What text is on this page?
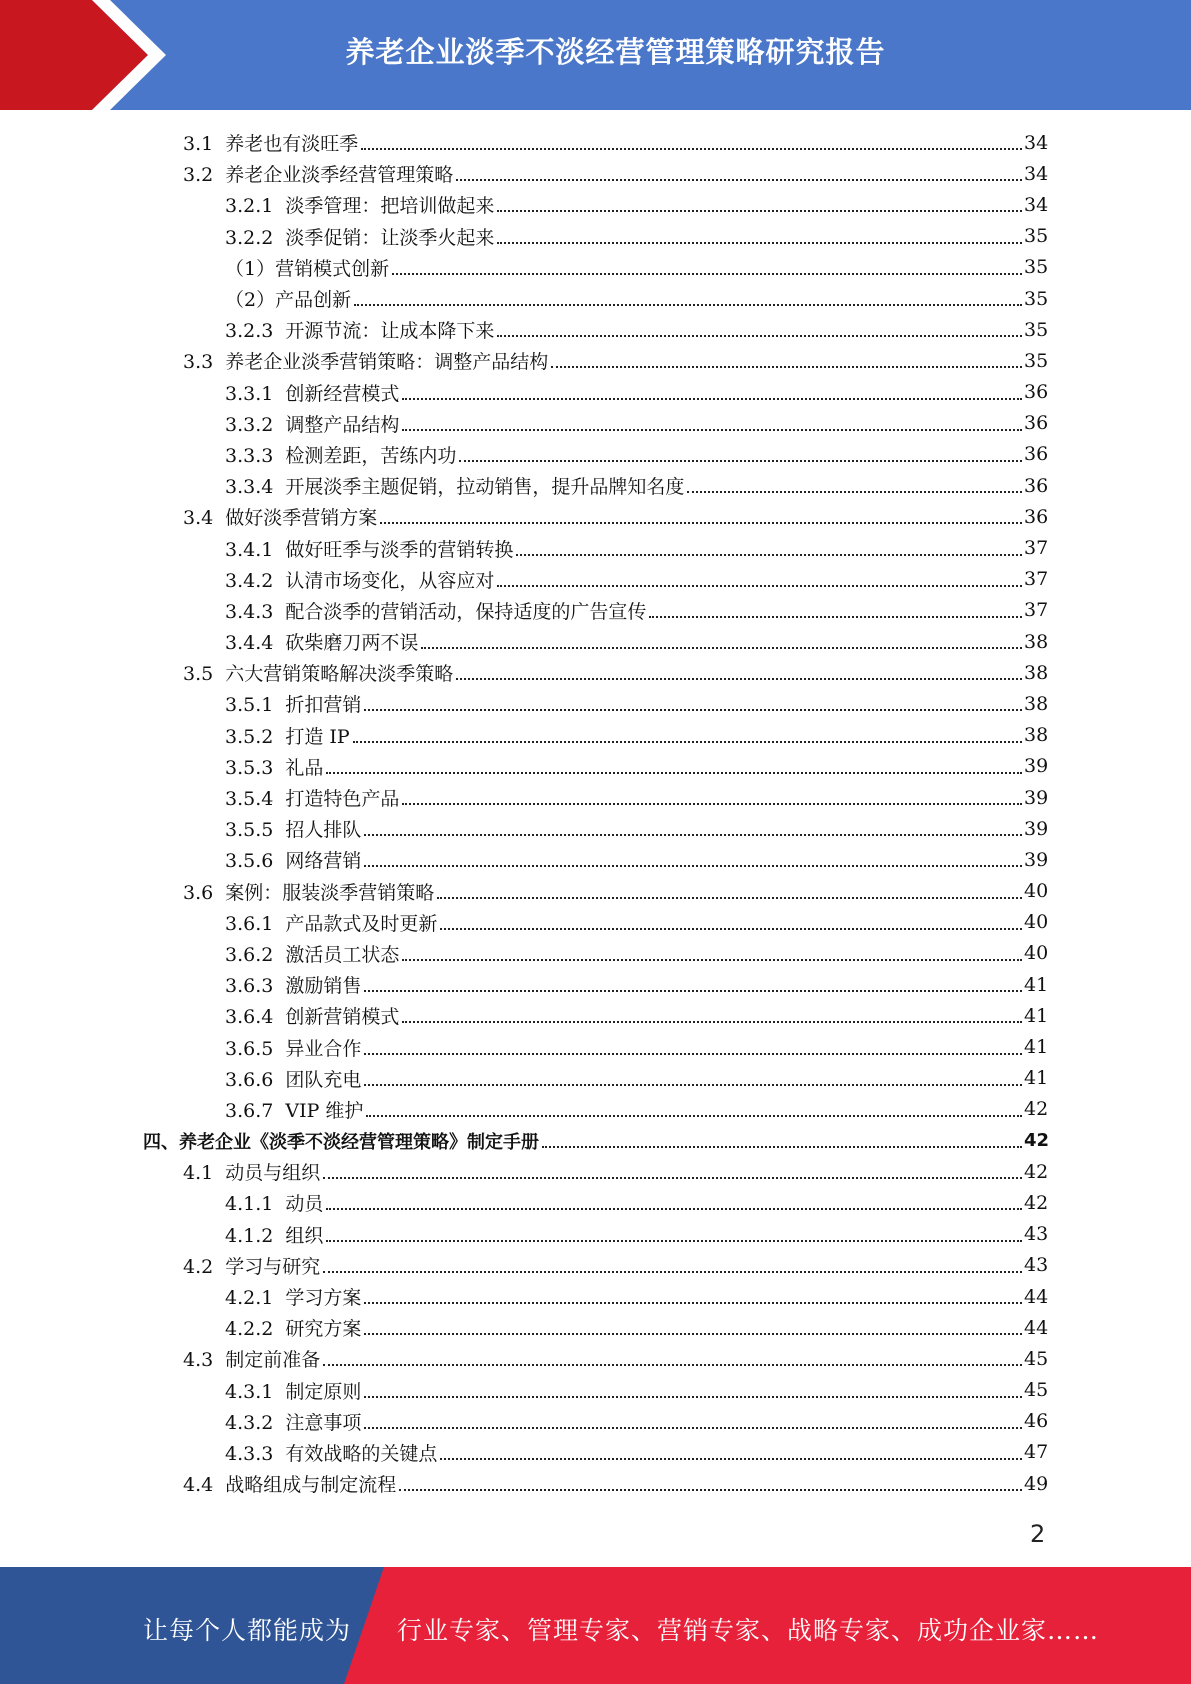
养老企业淡季不淡经营管理策略研究报告
3.1 养老也有淡旺季	34
3.2 养老企业淡季经营管理策略	34
3.2.1 淡季管理：把培训做起来	34
3.2.2 淡季促销：让淡季火起来	35
（1）营销模式创新	35
（2）产品创新	35
3.2.3 开源节流：让成本降下来	35
3.3 养老企业淡季营销策略：调整产品结构	35
3.3.1 创新经营模式	36
3.3.2 调整产品结构	36
3.3.3 检测差距，苦练内功	36
3.3.4 开展淡季主题促销，拉动销售，提升品牌知名度	36
3.4 做好淡季营销方案	36
3.4.1 做好旺季与淡季的营销转换	37
3.4.2 认清市场变化，从容应对	37
3.4.3 配合淡季的营销活动，保持适度的广告宣传	37
3.4.4 砍柴磨刀两不误	38
3.5 六大营销策略解决淡季策略	38
3.5.1 折扣营销	38
3.5.2 打造 IP	38
3.5.3 礼品	39
3.5.4 打造特色产品	39
3.5.5 招人排队	39
3.5.6 网络营销	39
3.6 案例：服装淡季营销策略	40
3.6.1 产品款式及时更新	40
3.6.2 激活员工状态	40
3.6.3 激励销售	41
3.6.4 创新营销模式	41
3.6.5 异业合作	41
3.6.6 团队充电	41
3.6.7 VIP 维护	42
四、养老企业《淡季不淡经营管理策略》制定手册	42
4.1 动员与组织	42
4.1.1 动员	42
4.1.2 组织	43
4.2 学习与研究	43
4.2.1 学习方案	44
4.2.2 研究方案	44
4.3 制定前准备	45
4.3.1 制定原则	45
4.3.2 注意事项	46
4.3.3 有效战略的关键点	47
4.4 战略组成与制定流程	49
2
让每个人都能成为 行业专家、管理专家、营销专家、战略专家、成功企业家……
